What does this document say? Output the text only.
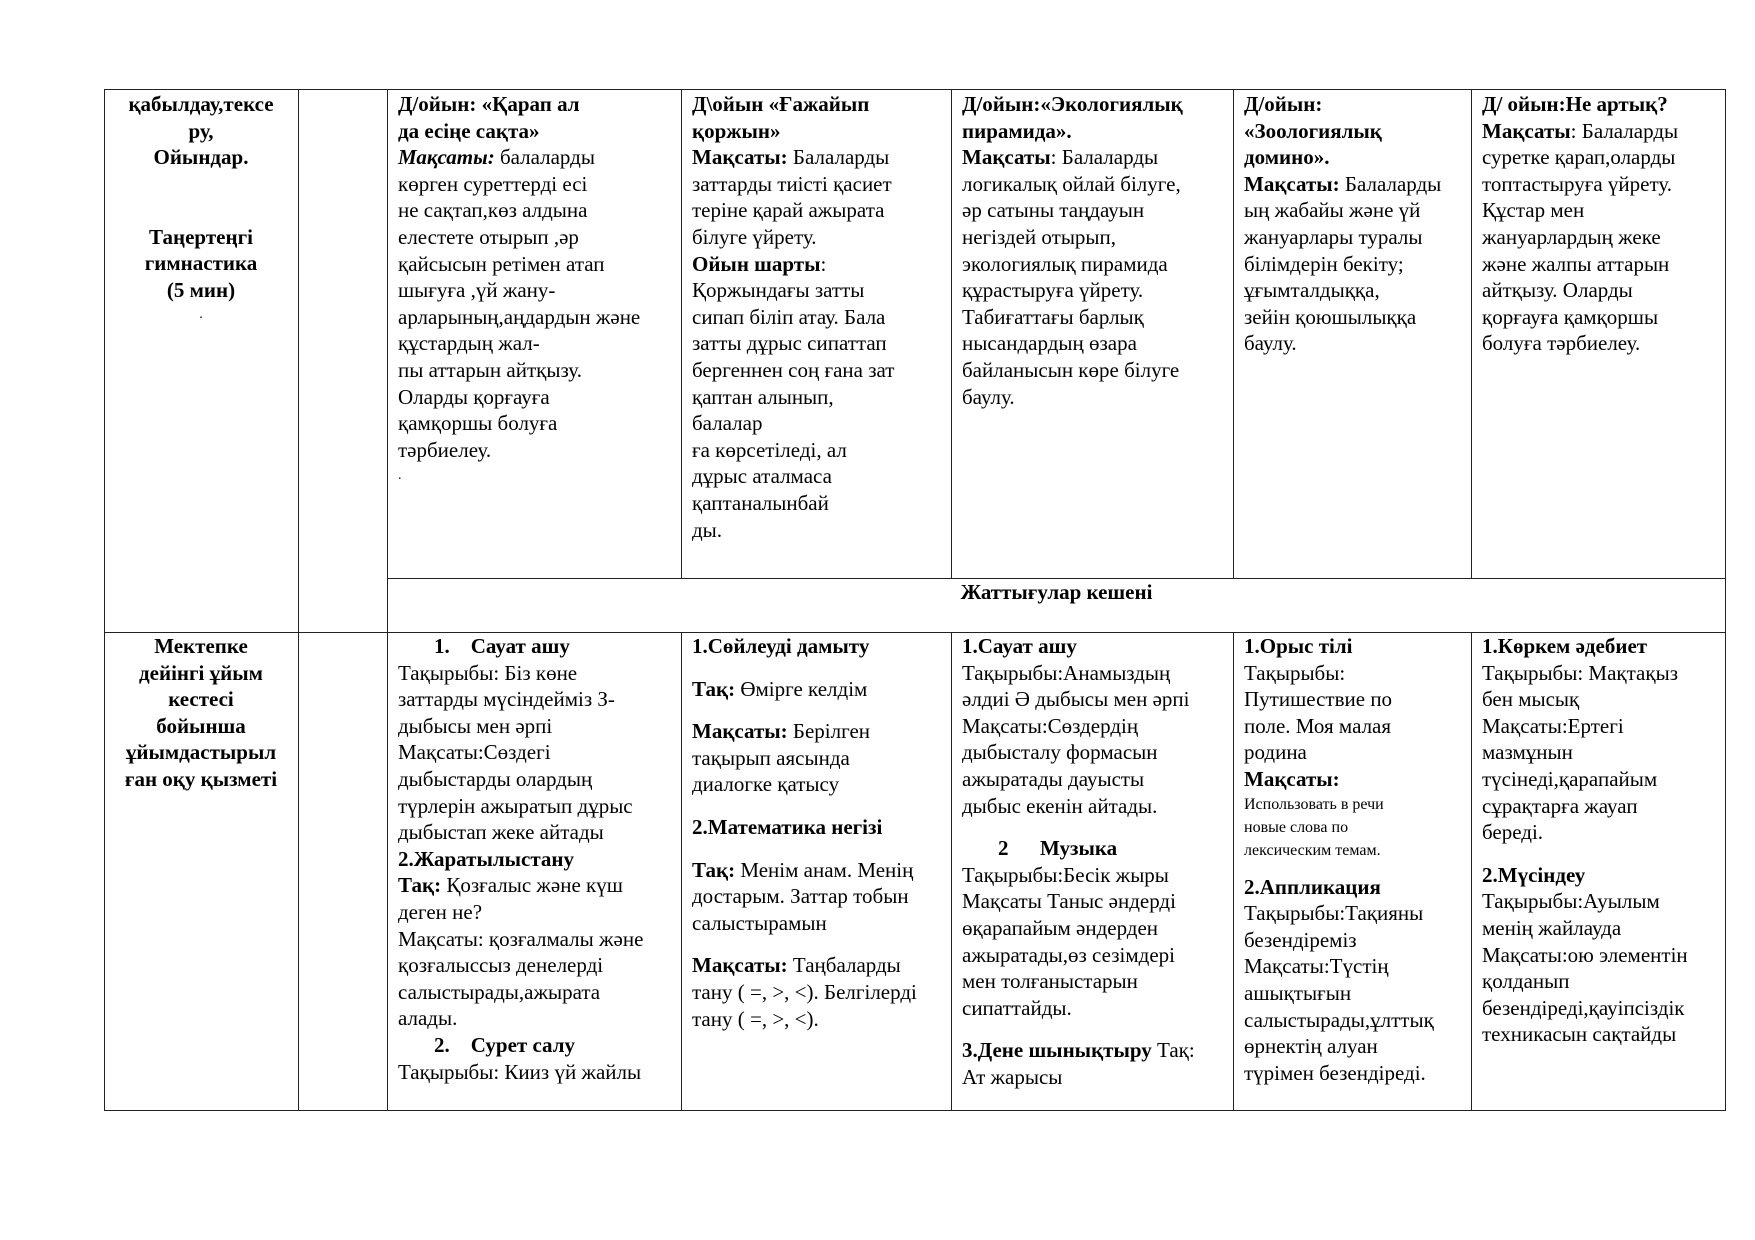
қабылдау,тексе

ру,

Ойындар.

Таңертеңгі

гимнастика

(5 мин)

.

Д/ойын: «Қарап ал

да есіңе сақта»

Мақсаты: балаларды

көрген суреттерді есі

не сақтап,көз алдына

елестете отырып ,әр

қайсысын ретімен атап

шығуға ,үй жану-

арларының,аңдардын және

құстардың жал-

пы аттарын айтқызу.

Оларды қорғауға

қамқоршы болуға

тәрбиелеу.

.

Д\ойын «Ғажайып

қоржын»

Мақсаты: Балаларды

заттарды тиісті қасиет

теріне қарай ажырата

білуге үйрету.

Ойын шарты:

Қоржындағы затты

сипап біліп атау. Бала

затты дұрыс сипаттап

бергеннен соң ғана зат

қаптан алынып,

балалар

ға көрсетіледі, ал

дұрыс аталмаса

қаптанaлынбай

ды.

Д/ойын:«Экологиялық

пирамида».

Мақсаты: Балаларды

логикалық ойлай білуге,

әр сатыны таңдауын

негіздей отырып,

экологиялық пирамида

құрастыруға үйрету.

Табиғаттағы барлық

нысандардың өзара

байланысын көре білуге

баулу.

Д/ойын:

«Зоологиялық

домино».

Мақсаты: Балаларды

ың жабайы және үй

жануарлары туралы

білімдерін бекіту;

ұғымталдыққа,

зейін қоюшылыққа

баулу.

Д/ ойын:Не артық?

Мақсаты: Балаларды

суретке қарап,оларды

топтастыруға үйрету.

Құстар мен

жануарлардың жеке

және жалпы аттарын

айтқызу. Оларды

қорғауға қамқоршы

болуға тәрбиелеу.

Жаттығулар кешені

Мектепке

дейінгі ұйым

кестесі

бойынша

ұйымдастырыл

ған оқу қызметі

1.    Сауат ашу

Тақырыбы: Біз көне

заттарды мүсіндейміз З-

дыбысы мен әрпі

Мақсаты:Сөздегі

дыбыстарды олардың

түрлерін ажыратып дұрыс

дыбыстап жеке айтады

2.Жаратылыстану

Тақ: Қозғалыс және күш

деген не?

Мақсаты: қозғалмалы және

қозғалыссыз денелерді

салыстырады,ажырата

алады.

2.    Сурет салу

Тақырыбы: Кииз үй жайлы

1.Сөйлеуді дамыту

Тақ: Өмірге келдім

Мақсаты: Берілген

тақырып аясында

диалогке қатысу

2.Математика негізі

Тақ: Менім анам. Менің

достарым. Заттар тобын

салыстырамын

Мақсаты: Таңбаларды

тану ( =, >, <). Белгілерді

тану ( =, >, <).

1.Сауат ашу

Тақырыбы:Анамыздың

әлдиі Ә дыбысы мен әрпі

Мақсаты:Сөздердің

дыбысталу формасын

ажыратады дауысты

дыбыс екенін айтады.

2      Музыка

Тақырыбы:Бесік жыры

Мақсаты Таныс әндерді

өқарапайым әндерден

ажыратады,өз сезімдері

мен толғаныстарын

сипаттайды.

3.Дене шынықтыру Тақ:

Ат жарысы

1.Орыс тілі

Тақырыбы:

Путишествие по

поле. Моя малая

родина

Мақсаты:

Использовать в речи

новые слова по

лексическим темам.

2.Аппликация

Тақырыбы:Тақияны

безендіреміз

Мақсаты:Түстің

ашықтығын

салыстырады,ұлттық

өрнектің алуан

түрімен безендіреді.

1.Көркем әдебиет

Тақырыбы: Мақтақыз

бен мысық

Мақсаты:Ертегі

мазмұнын

түсінеді,қарапайым

сұрақтарға жауап

береді.

2.Мүсіндеу

Тақырыбы:Ауылым

менің жайлауда

Мақсаты:ою элементін

қолданып

безендіреді,қауіпсіздік

техникасын сақтайды
